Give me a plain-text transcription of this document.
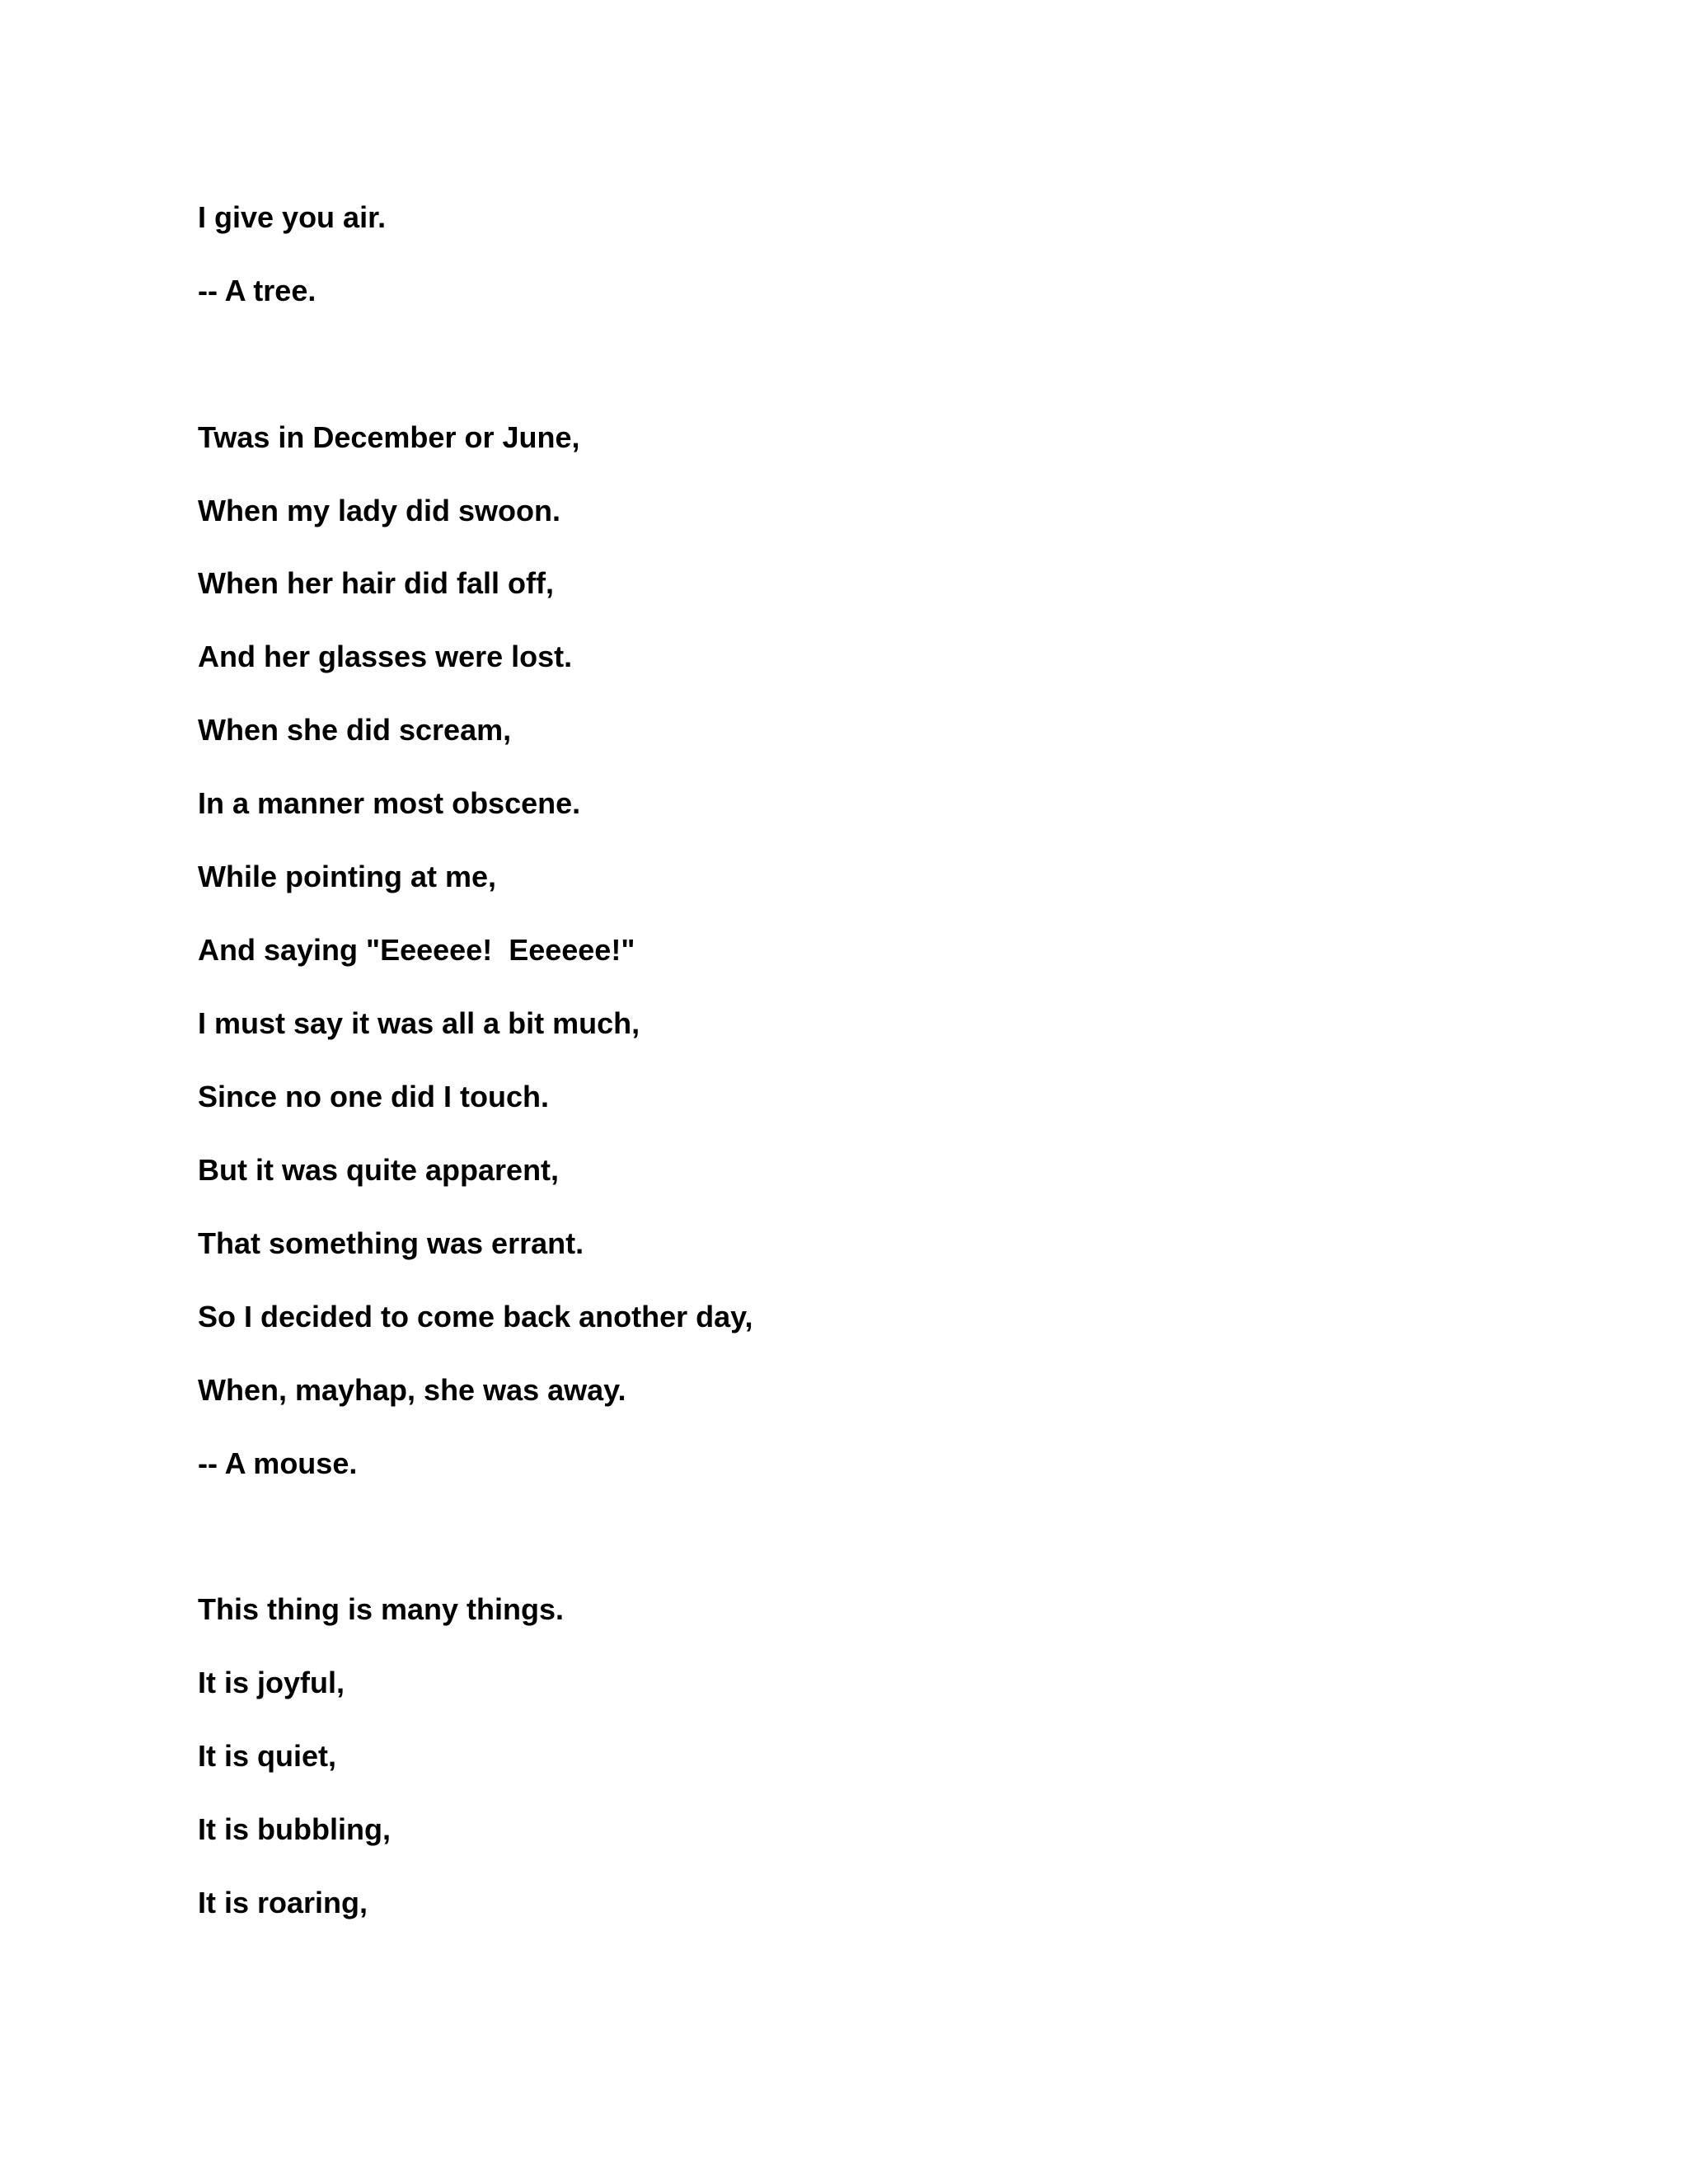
I give you air.

-- A tree.

Twas in December or June,

When my lady did swoon.

When her hair did fall off,

And her glasses were lost.

When she did scream,

In a manner most obscene.

While pointing at me,

And saying "Eeeeee!  Eeeeee!"

I must say it was all a bit much,

Since no one did I touch.

But it was quite apparent,

That something was errant.

So I decided to come back another day,

When, mayhap, she was away.

-- A mouse.

This thing is many things.

It is joyful,

It is quiet,

It is bubbling,

It is roaring,
